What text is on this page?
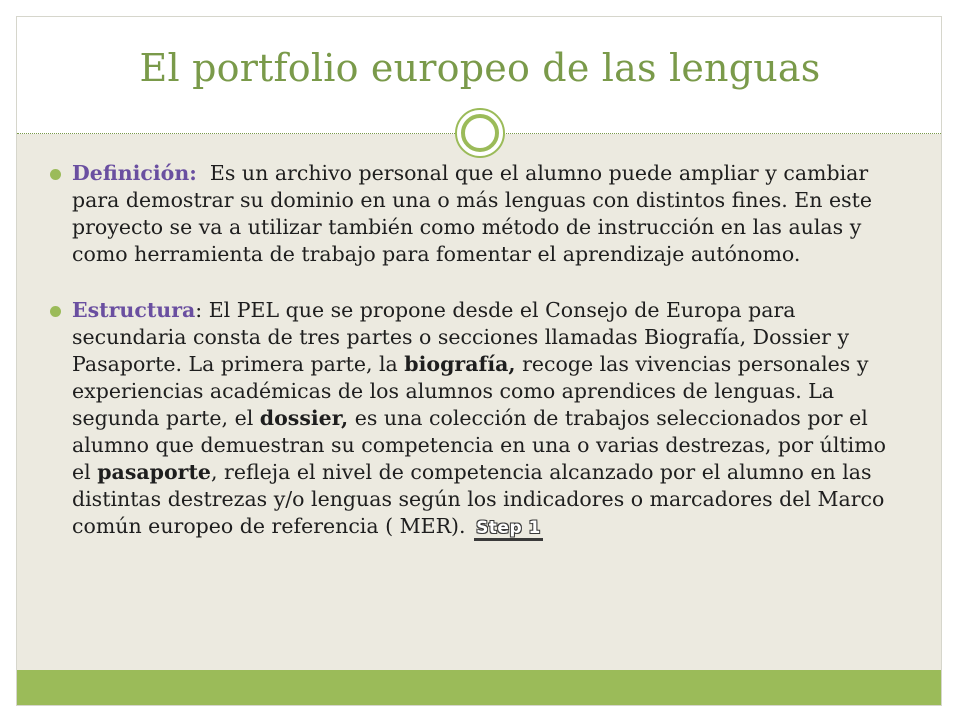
El portfolio europeo de las lenguas

Definición: Es un archivo personal que el alumno puede ampliar y cambiar para demostrar su dominio en una o más lenguas con distintos fines. En este proyecto se va a utilizar también como método de instrucción en las aulas y como herramienta de trabajo para fomentar el aprendizaje autónomo.

Estructura: El PEL que se propone desde el Consejo de Europa para secundaria consta de tres partes o secciones llamadas Biografía, Dossier y Pasaporte. La primera parte, la biografía, recoge las vivencias personales y experiencias académicas de los alumnos como aprendices de lenguas. La segunda parte, el dossier, es una colección de trabajos seleccionados por el alumno que demuestran su competencia en una o varias destrezas, por último el pasaporte, refleja el nivel de competencia alcanzado por el alumno en las distintas destrezas y/o lenguas según los indicadores o marcadores del Marco común europeo de referencia ( MER). Step 1
